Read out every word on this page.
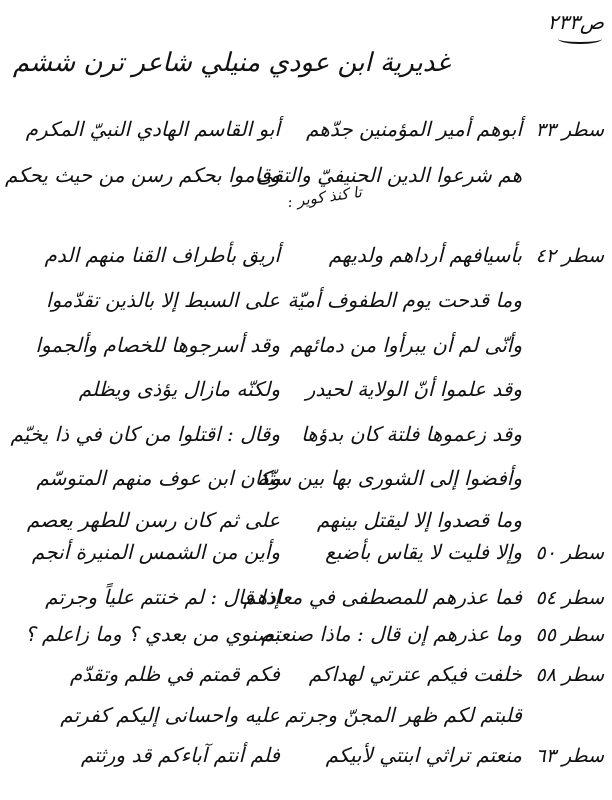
ص٢٣٣
غديرية ابن عودي منيلي شاعر ترن ششم
تا كنذ كوير :
سطر ٣٣
أبوهم أمير المؤمنين جدّهم
أبو القاسم الهادي النبيّ المكرم
هم شرعوا الدين الحنيفيّ والتقى
وقاموا بحكم رسن من حيث يحكم
سطر ٤٢
بأسيافهم أرداهم ولديهم
أريق بأطراف القنا منهم الدم
وما قدحت يوم الطفوف أميّة
على السبط إلا بالذين تقدّموا
وأنّى لم أن يبرأوا من دمائهم
وقد أسرجوها للخصام وألجموا
وقد علموا أنّ الولاية لحيدر
ولكنّه مازال يؤذى ويظلم
وقد زعموها فلتة كان بدؤها
وقال : اقتلوا من كان في ذا يخيّم
وأفضوا إلى الشورى بها بين ستّة
وكان ابن عوف منهم المتوسّم
وما قصدوا إلا ليقتل بينهم
على ثم كان رسن للطهر يعصم
سطر ٥٠
وإلا فليت لا يقاس بأضبع
وأين من الشمس المنيرة أنجم
سطر ٥٤
فما عذرهم للمصطفى في معادهم
إذا قال : لم خنتم علياً وجرتم
سطر ٥٥
وما عذرهم إن قال : ماذا صنعتم
بصنوي من بعدي ؟ وما زاعلم ؟
سطر ٥٨
خلفت فيكم عترتي لهداكم
فكم قمتم في ظلم وتقدّم
قلبتم لكم ظهر المجنّ وجرتم
عليه واحسانى إليكم كفرتم
سطر ٦٣
منعتم تراثي ابنتي لأبيكم
فلم أنتم آباءكم قد ورثتم
